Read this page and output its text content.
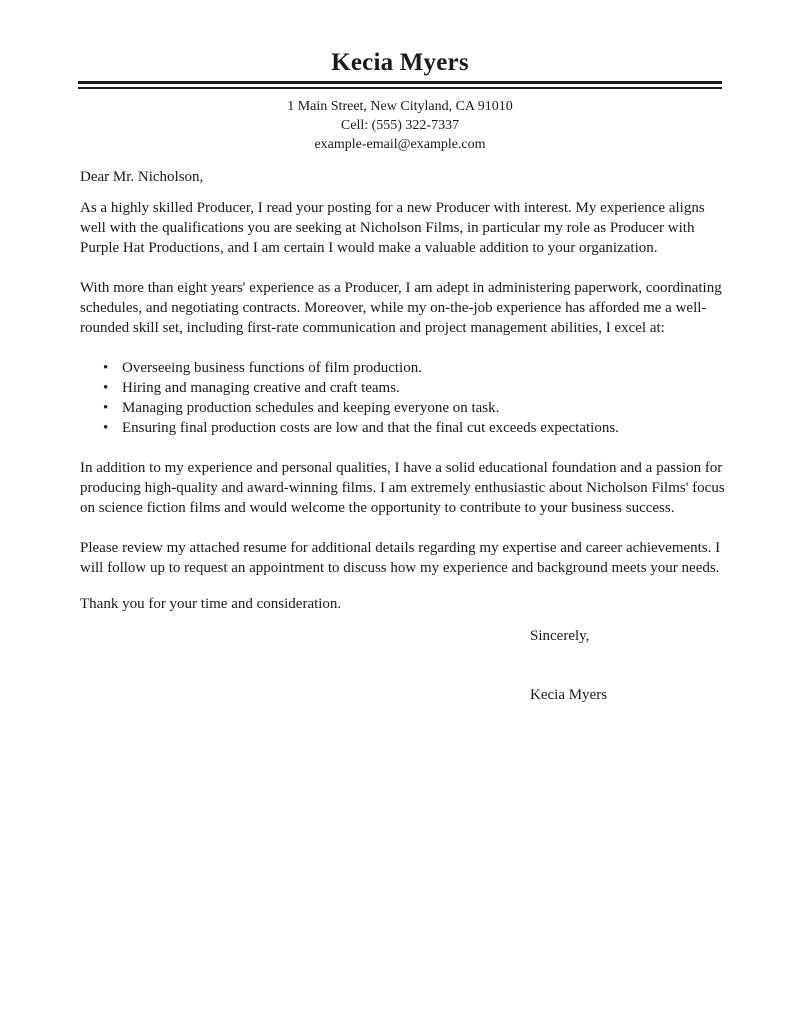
Kecia Myers
1 Main Street, New Cityland, CA 91010
Cell: (555) 322-7337
example-email@example.com
Dear Mr. Nicholson,

As a highly skilled Producer, I read your posting for a new Producer with interest. My experience aligns well with the qualifications you are seeking at Nicholson Films, in particular my role as Producer with Purple Hat Productions, and I am certain I would make a valuable addition to your organization.

With more than eight years' experience as a Producer, I am adept in administering paperwork, coordinating schedules, and negotiating contracts. Moreover, while my on-the-job experience has afforded me a well-rounded skill set, including first-rate communication and project management abilities, I excel at:

• Overseeing business functions of film production.
• Hiring and managing creative and craft teams.
• Managing production schedules and keeping everyone on task.
• Ensuring final production costs are low and that the final cut exceeds expectations.

In addition to my experience and personal qualities, I have a solid educational foundation and a passion for producing high-quality and award-winning films. I am extremely enthusiastic about Nicholson Films' focus on science fiction films and would welcome the opportunity to contribute to your business success.

Please review my attached resume for additional details regarding my expertise and career achievements. I will follow up to request an appointment to discuss how my experience and background meets your needs.

Thank you for your time and consideration.

Sincerely,

Kecia Myers
